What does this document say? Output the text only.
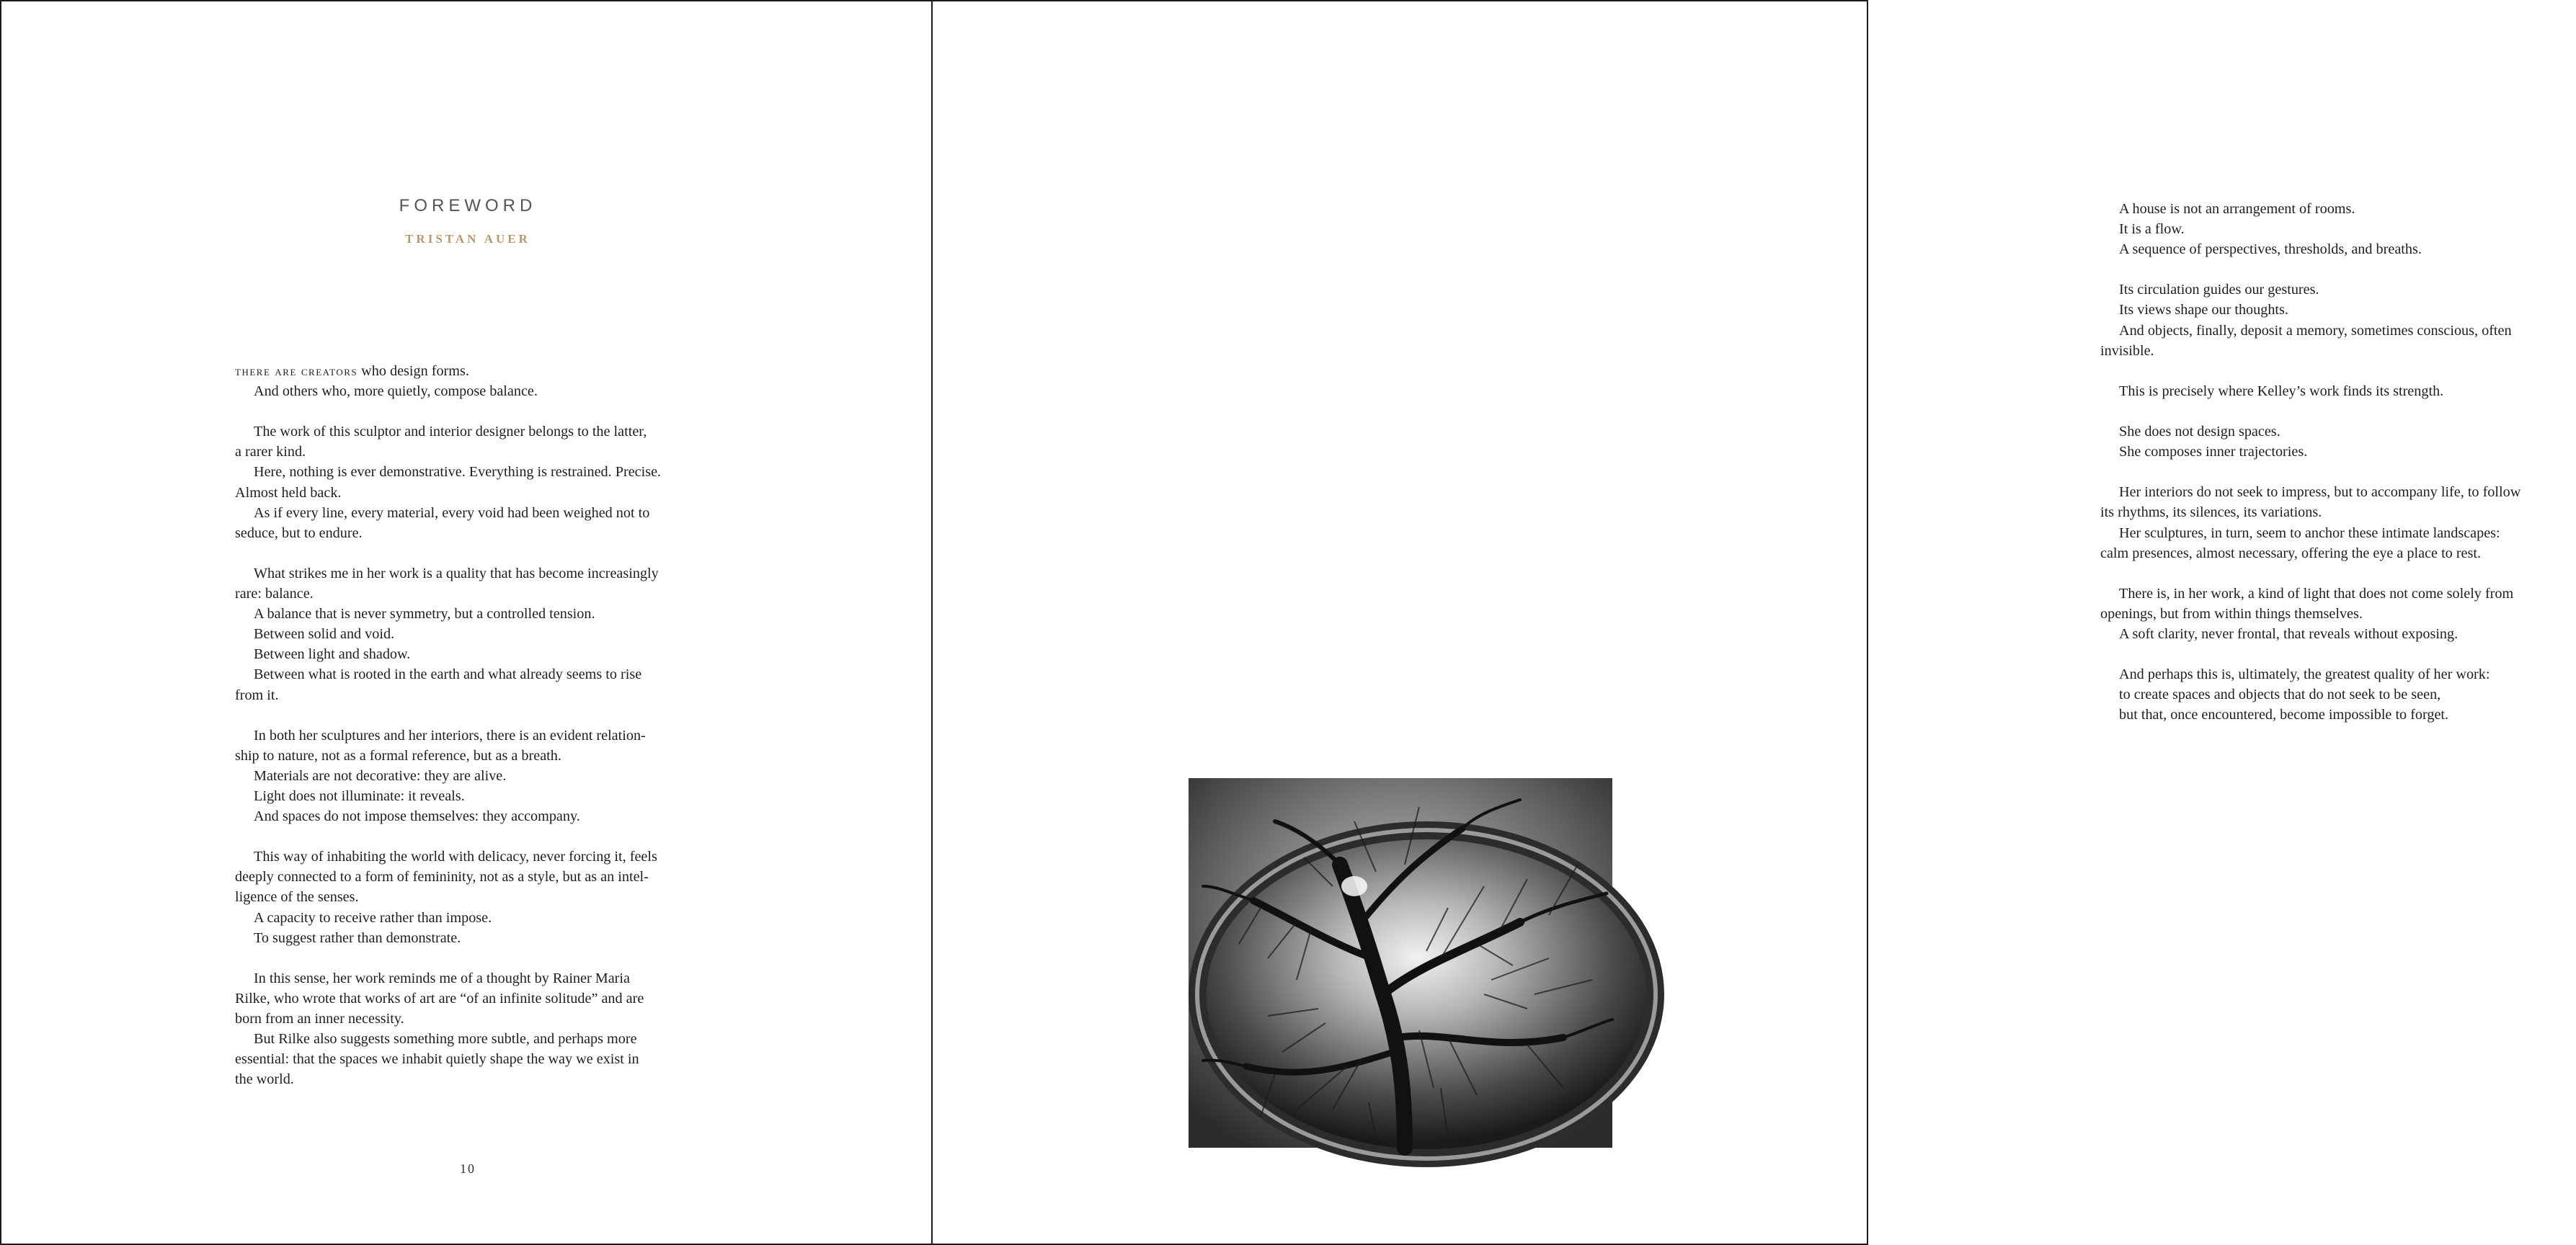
FOREWORD
TRISTAN AUER
there are creators who design forms.
And others who, more quietly, compose balance.
The work of this sculptor and interior designer belongs to the latter,
a rarer kind.
Here, nothing is ever demonstrative. Everything is restrained. Precise.
Almost held back.
As if every line, every material, every void had been weighed not to
seduce, but to endure.
What strikes me in her work is a quality that has become increasingly
rare: balance.
A balance that is never symmetry, but a controlled tension.
Between solid and void.
Between light and shadow.
Between what is rooted in the earth and what already seems to rise
from it.
In both her sculptures and her interiors, there is an evident relation-
ship to nature, not as a formal reference, but as a breath.
Materials are not decorative: they are alive.
Light does not illuminate: it reveals.
And spaces do not impose themselves: they accompany.
This way of inhabiting the world with delicacy, never forcing it, feels
deeply connected to a form of femininity, not as a style, but as an intel-
ligence of the senses.
A capacity to receive rather than impose.
To suggest rather than demonstrate.
In this sense, her work reminds me of a thought by Rainer Maria
Rilke, who wrote that works of art are “of an infinite solitude” and are
born from an inner necessity.
But Rilke also suggests something more subtle, and perhaps more
essential: that the spaces we inhabit quietly shape the way we exist in
the world.
10
A house is not an arrangement of rooms.
It is a flow.
A sequence of perspectives, thresholds, and breaths.
Its circulation guides our gestures.
Its views shape our thoughts.
And objects, finally, deposit a memory, sometimes conscious, often
invisible.
This is precisely where Kelley’s work finds its strength.
She does not design spaces.
She composes inner trajectories.
Her interiors do not seek to impress, but to accompany life, to follow
its rhythms, its silences, its variations.
Her sculptures, in turn, seem to anchor these intimate landscapes:
calm presences, almost necessary, offering the eye a place to rest.
There is, in her work, a kind of light that does not come solely from
openings, but from within things themselves.
A soft clarity, never frontal, that reveals without exposing.
And perhaps this is, ultimately, the greatest quality of her work:
to create spaces and objects that do not seek to be seen,
but that, once encountered, become impossible to forget.
